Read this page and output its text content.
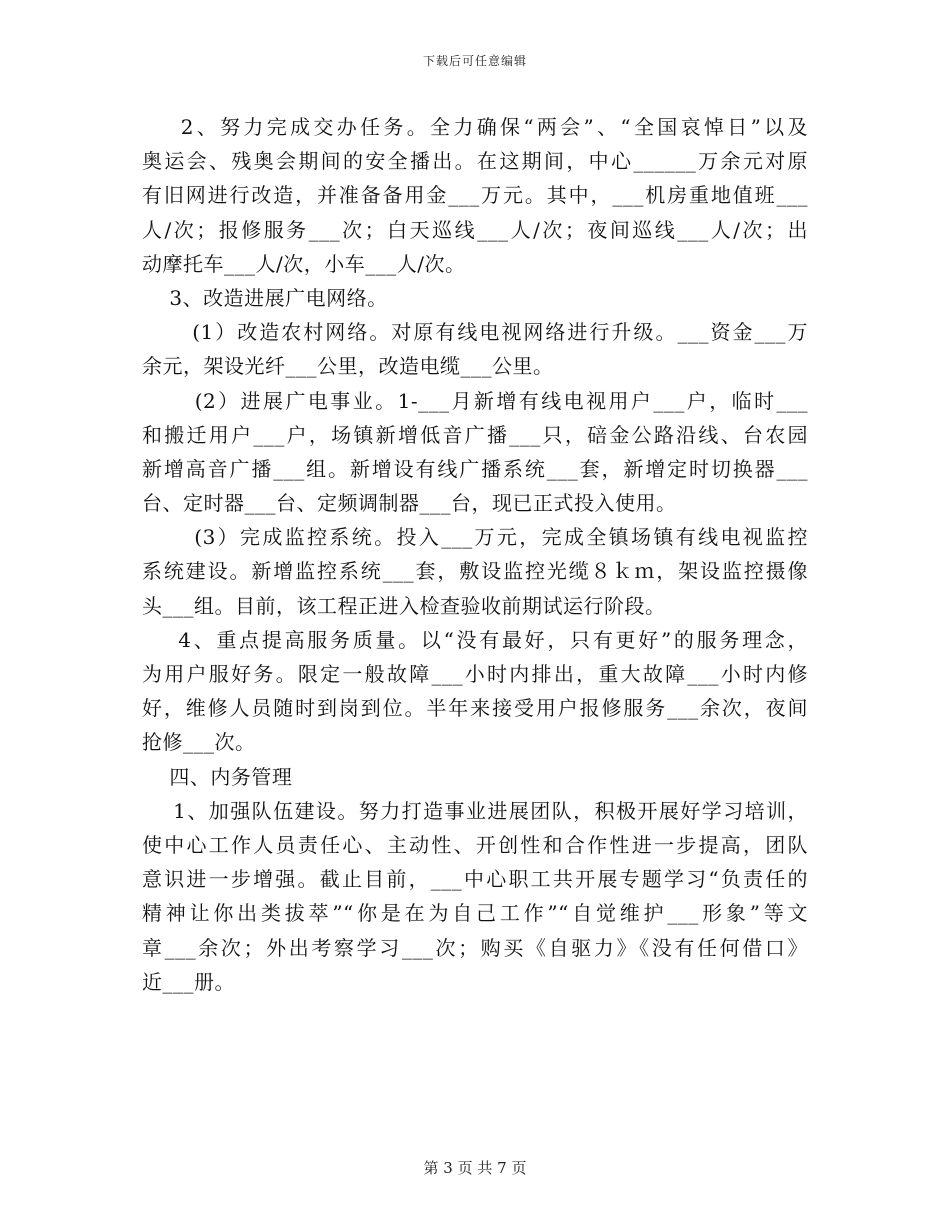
下载后可任意编辑
2、努力完成交办任务。全力确保“两会”、“全国哀悼日”以及
奥运会、残奥会期间的安全播出。在这期间，中心______万余元对原
有旧网进行改造，并准备备用金___万元。其中，___机房重地值班___
人/次；报修服务___次；白天巡线___人/次；夜间巡线___人/次；出
动摩托车___人/次，小车___人/次。
3、改造进展广电网络。
(1）改造农村网络。对原有线电视网络进行升级。___资金___万
余元，架设光纤___公里，改造电缆___公里。
(2）进展广电事业。1-___月新增有线电视用户___户，临时___
和搬迁用户___户，场镇新增低音广播___只，碚金公路沿线、台农园
新增高音广播___组。新增设有线广播系统___套，新增定时切换器___
台、定时器___台、定频调制器___台，现已正式投入使用。
(3）完成监控系统。投入___万元，完成全镇场镇有线电视监控
系统建设。新增监控系统___套，敷设监控光缆８ｋｍ，架设监控摄像
头___组。目前，该工程正进入检查验收前期试运行阶段。
4、重点提高服务质量。以“没有最好，只有更好”的服务理念，
为用户服好务。限定一般故障___小时内排出，重大故障___小时内修
好，维修人员随时到岗到位。半年来接受用户报修服务___余次，夜间
抢修___次。
四、内务管理
1、加强队伍建设。努力打造事业进展团队，积极开展好学习培训，
使中心工作人员责任心、主动性、开创性和合作性进一步提高，团队
意识进一步增强。截止目前，___中心职工共开展专题学习“负责任的
精神让你出类拔萃”“你是在为自己工作”“自觉维护___形象”等文
章___余次；外出考察学习___次；购买《自驱力》《没有任何借口》
近___册。
第 3 页 共 7 页
